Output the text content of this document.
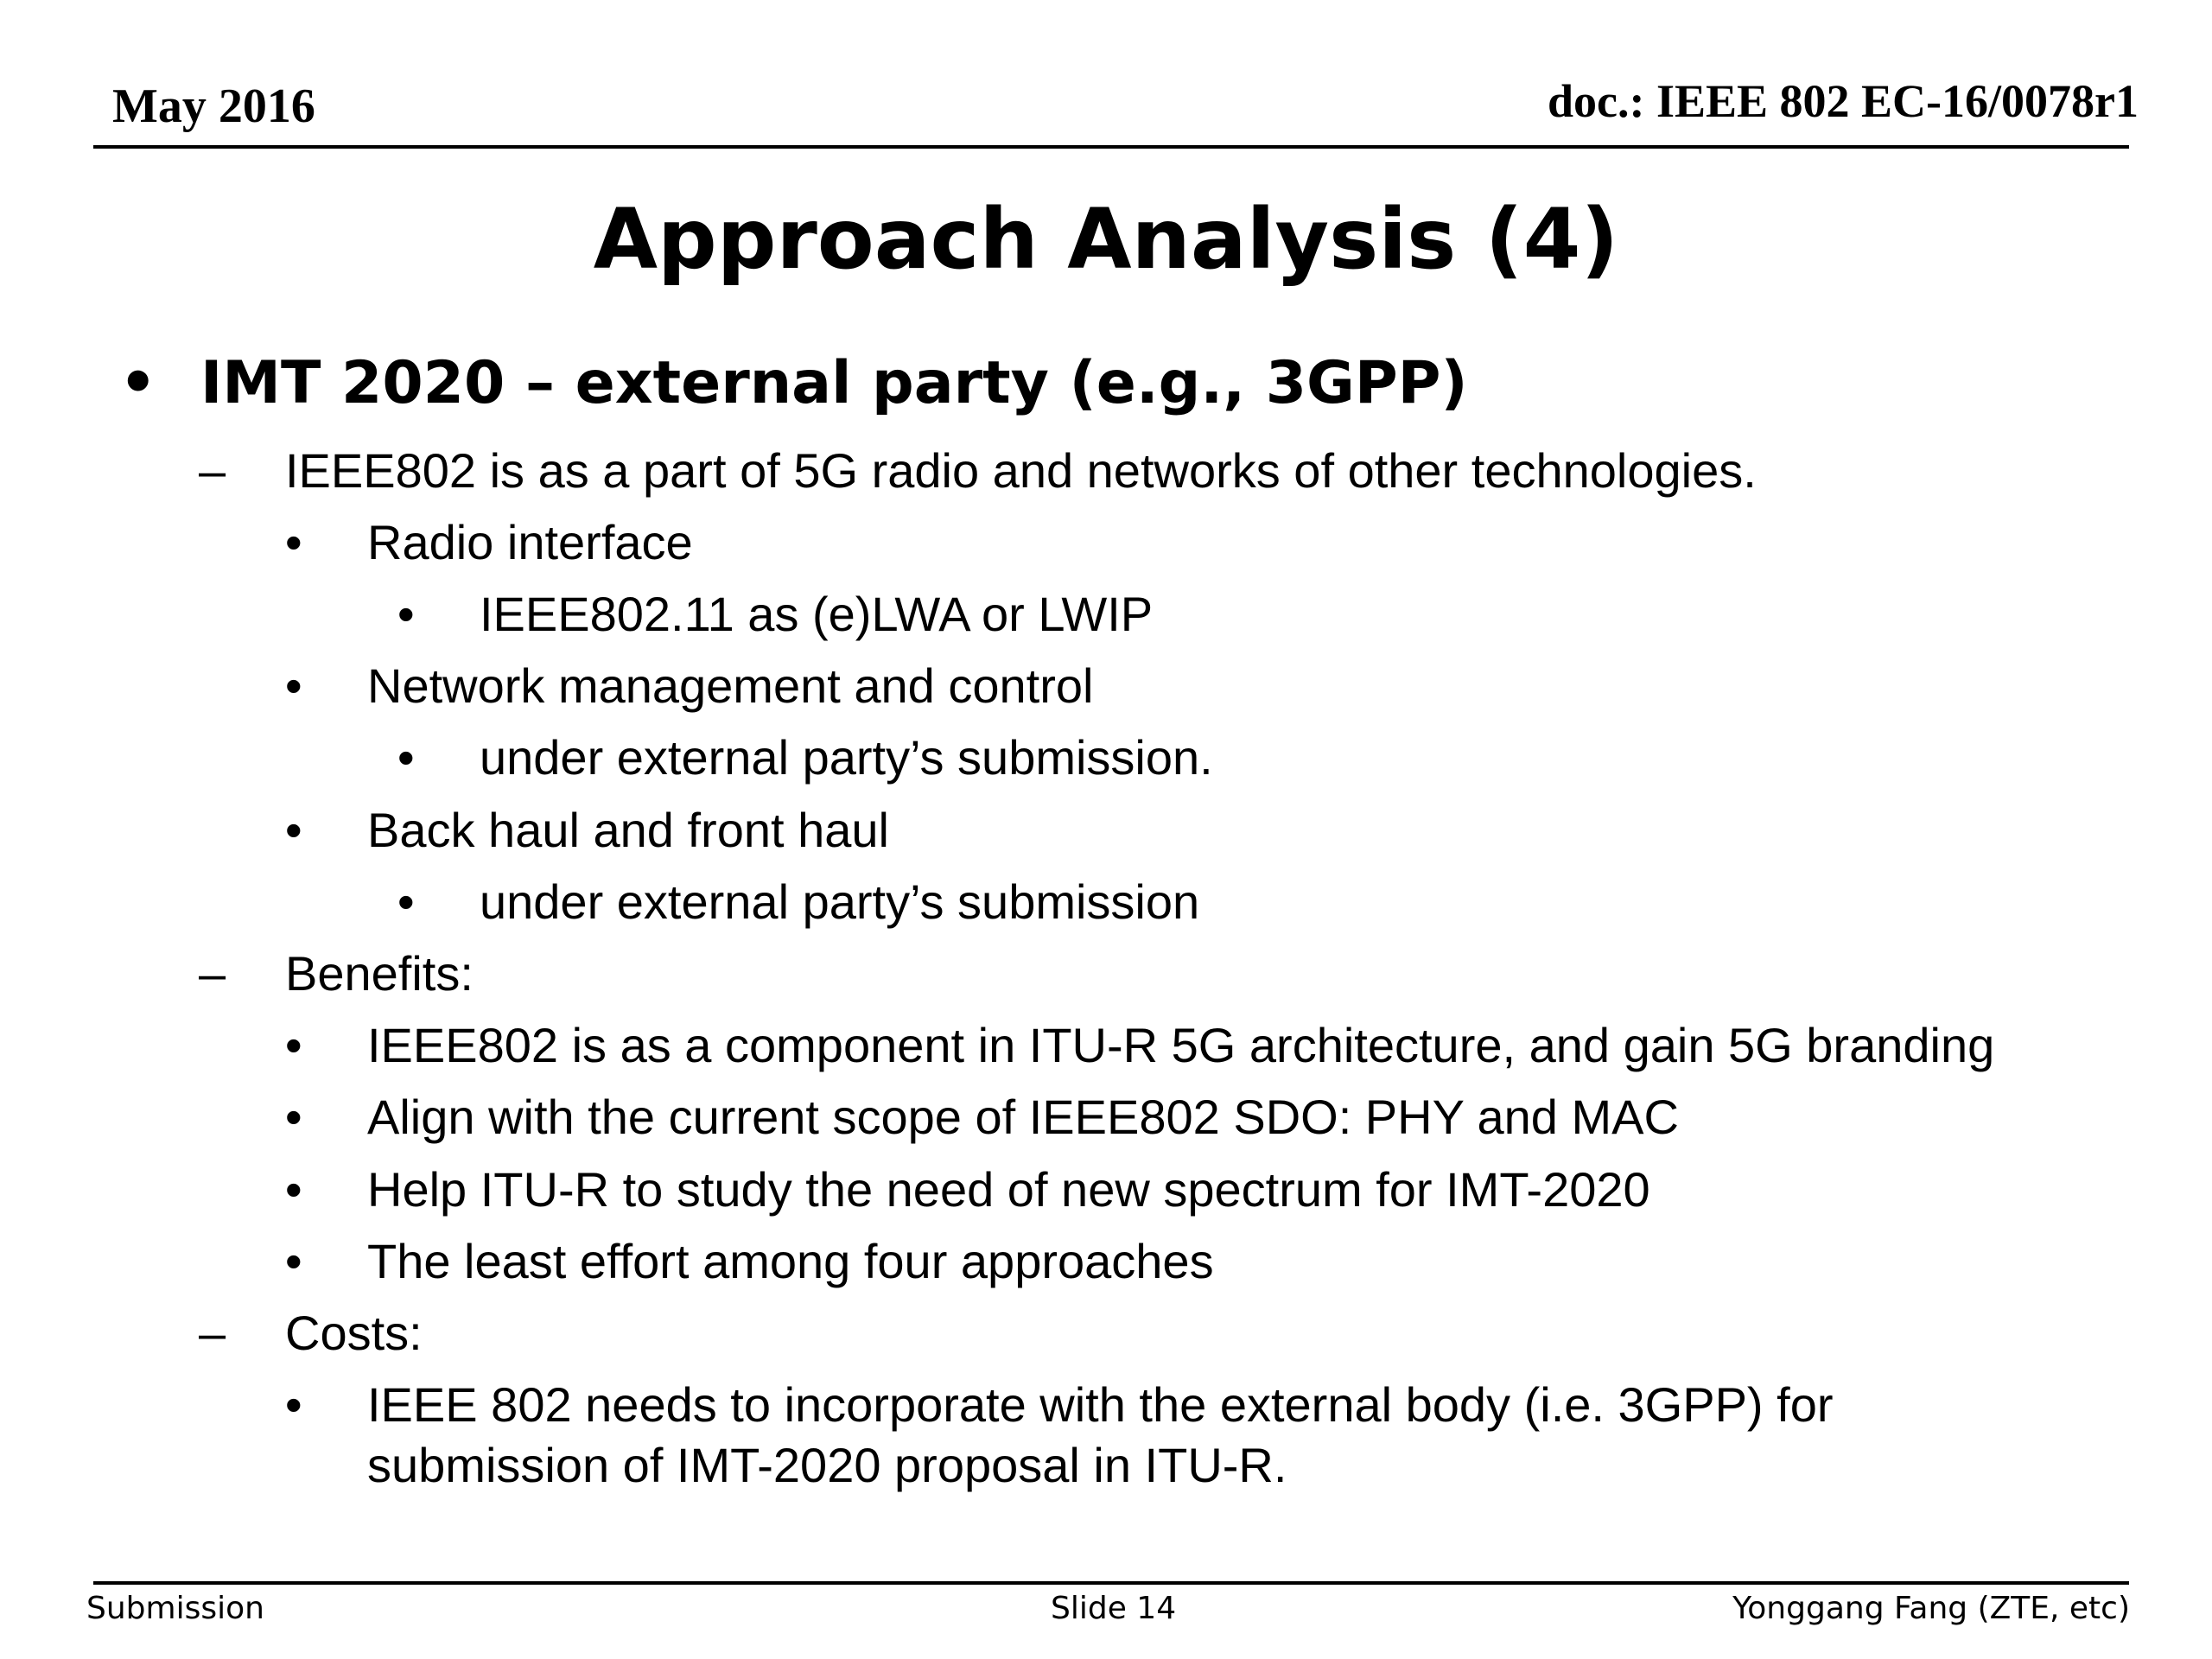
May 2016	doc.: IEEE 802 EC-16/0078r1
Approach Analysis (4)
• IMT 2020 – external party (e.g., 3GPP)
– IEEE802 is as a part of 5G radio and networks of other technologies.
• Radio interface
• IEEE802.11 as (e)LWA or LWIP
• Network management and control
• under external party’s submission.
• Back haul and front haul
• under external party’s submission
– Benefits:
• IEEE802 is as a component in ITU-R 5G architecture, and gain 5G branding
• Align with the current scope of IEEE802 SDO: PHY and MAC
• Help ITU-R to study the need of new spectrum for IMT-2020
• The least effort among four approaches
– Costs:
• IEEE 802 needs to incorporate with the external body (i.e. 3GPP) for
submission of IMT-2020 proposal in ITU-R.
Submission	Slide 14	Yonggang Fang (ZTE, etc)
